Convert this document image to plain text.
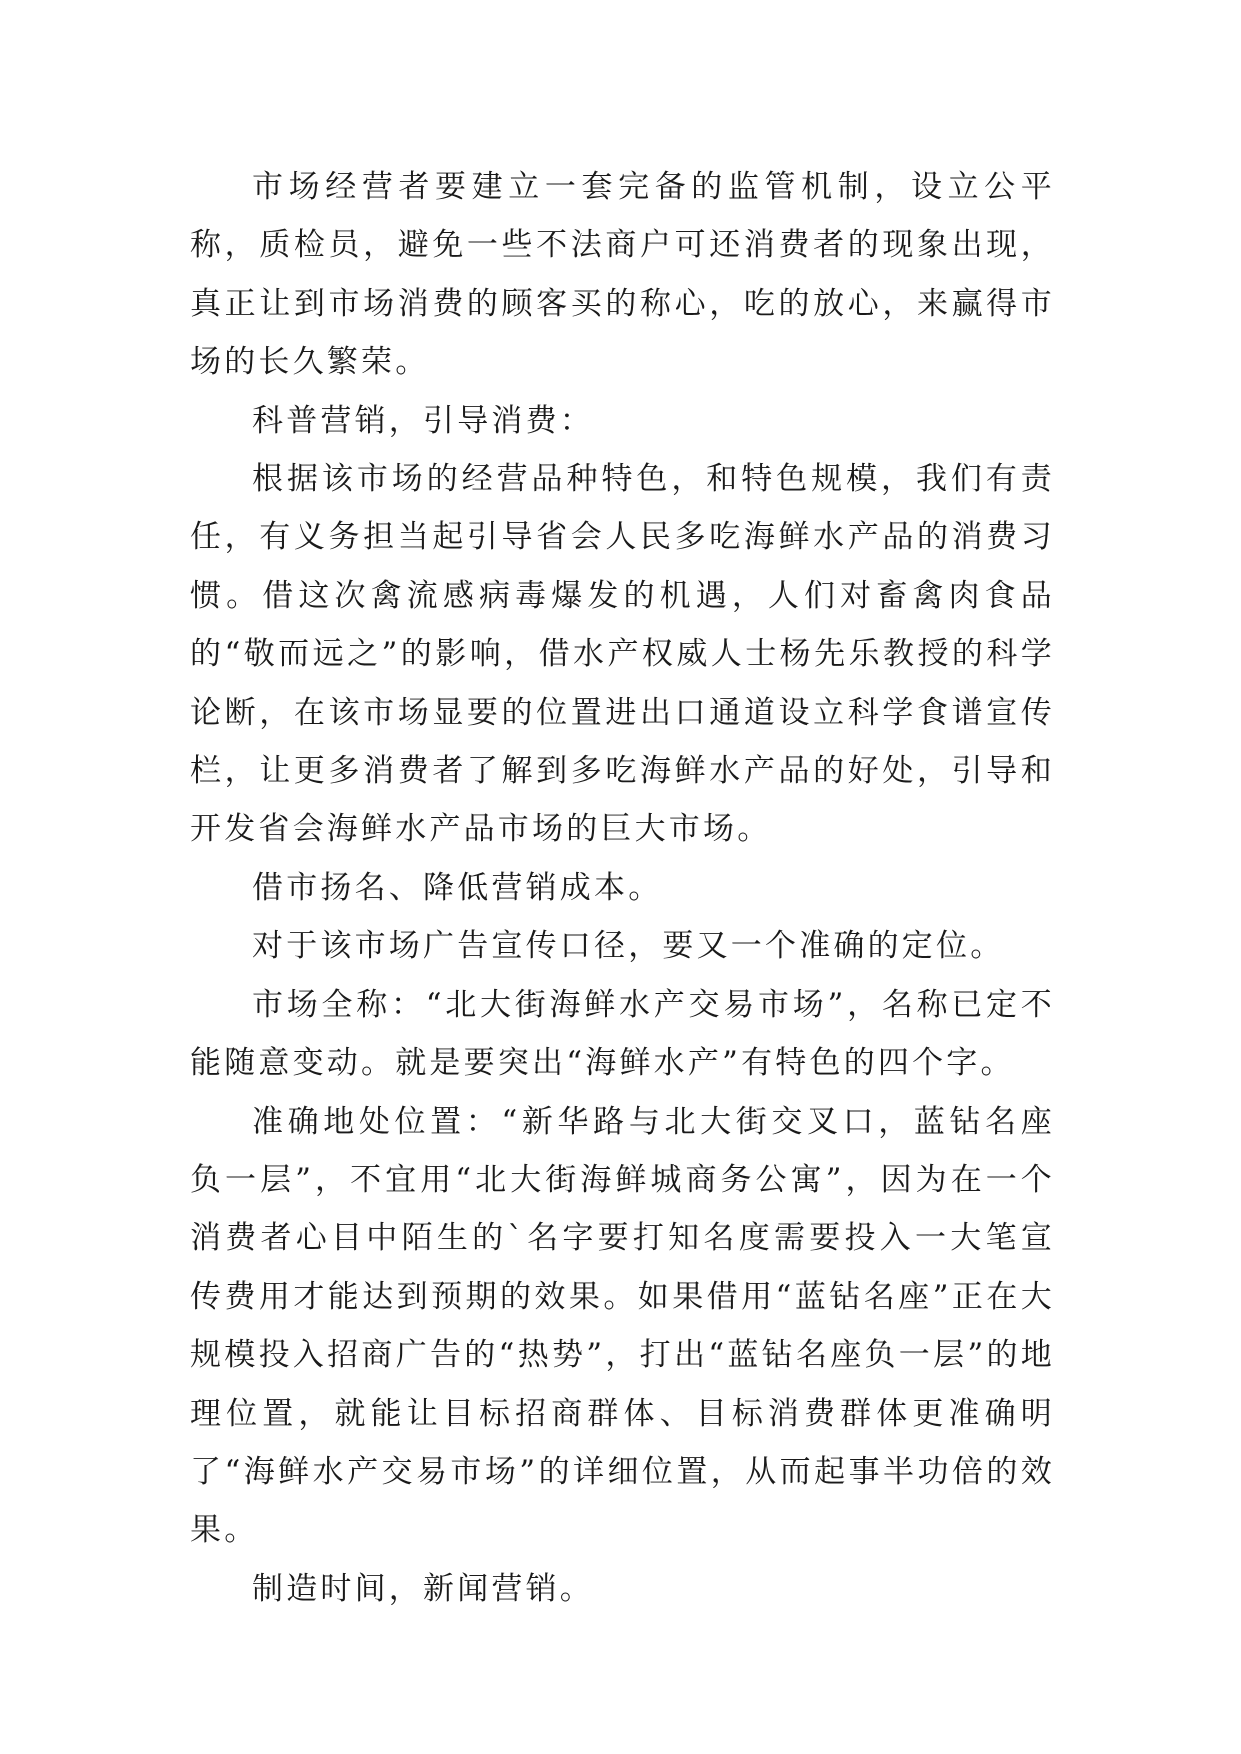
市场经营者要建立一套完备的监管机制，设立公平称，质检员，避免一些不法商户可还消费者的现象出现，真正让到市场消费的顾客买的称心，吃的放心，来赢得市场的长久繁荣。

科普营销，引导消费：

根据该市场的经营品种特色，和特色规模，我们有责任，有义务担当起引导省会人民多吃海鲜水产品的消费习惯。借这次禽流感病毒爆发的机遇，人们对畜禽肉食品的“敬而远之”的影响，借水产权威人士杨先乐教授的科学论断，在该市场显要的位置进出口通道设立科学食谱宣传栏，让更多消费者了解到多吃海鲜水产品的好处，引导和开发省会海鲜水产品市场的巨大市场。

借市扬名、降低营销成本。

对于该市场广告宣传口径，要又一个准确的定位。

市场全称：“北大街海鲜水产交易市场”，名称已定不能随意变动。就是要突出“海鲜水产”有特色的四个字。

准确地处位置：“新华路与北大街交叉口，蓝钻名座负一层”，不宜用“北大街海鲜城商务公寓”，因为在一个消费者心目中陌生的`名字要打知名度需要投入一大笔宣传费用才能达到预期的效果。如果借用“蓝钻名座”正在大规模投入招商广告的“热势”，打出“蓝钻名座负一层”的地理位置，就能让目标招商群体、目标消费群体更准确明了“海鲜水产交易市场”的详细位置，从而起事半功倍的效果。

制造时间，新闻营销。
